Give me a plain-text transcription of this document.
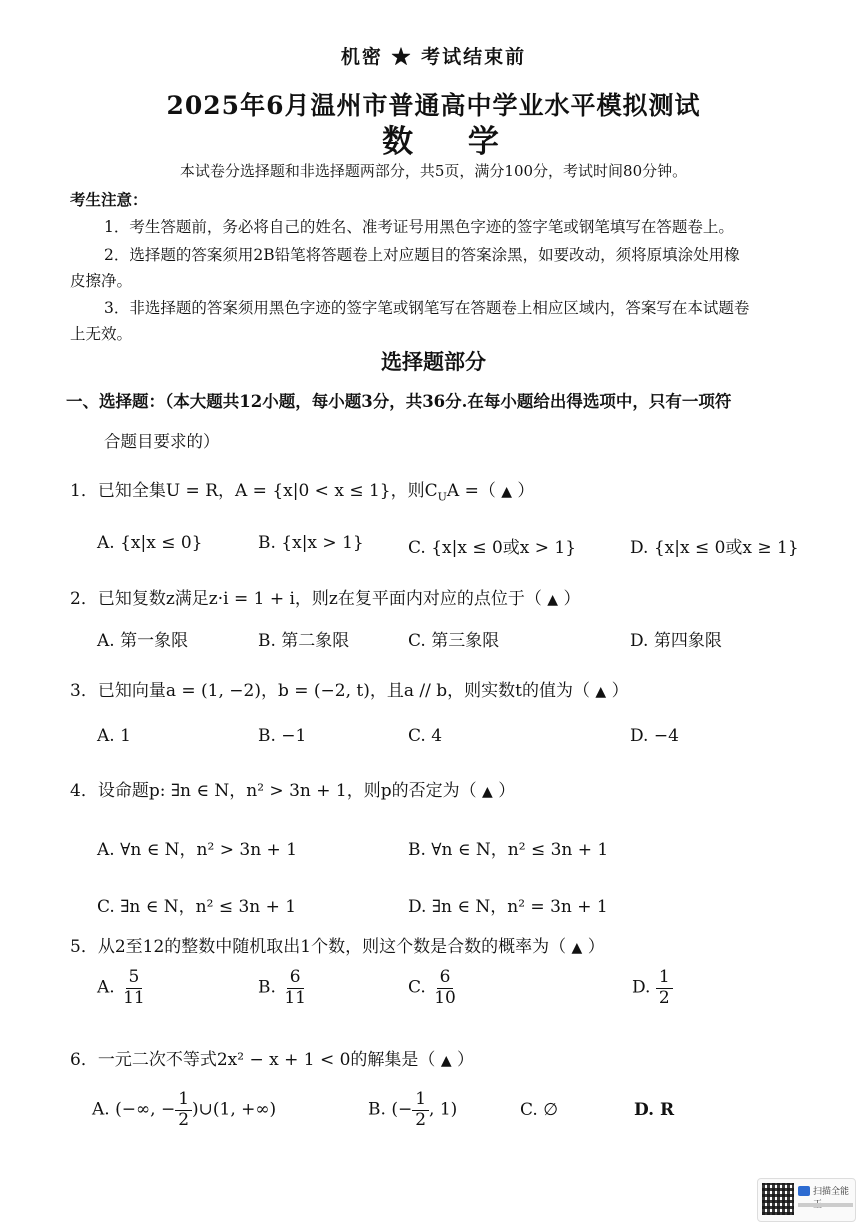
机密 ★ 考试结束前
2025年6月温州市普通高中学业水平模拟测试
数 学
本试卷分选择题和非选择题两部分，共5页，满分100分，考试时间80分钟。
考生注意：
1．考生答题前，务必将自己的姓名、准考证号用黑色字迹的签字笔或钢笔填写在答题卷上。
2．选择题的答案须用2B铅笔将答题卷上对应题目的答案涂黑，如要改动，须将原填涂处用橡
皮擦净。
3．非选择题的答案须用黑色字迹的签字笔或钢笔写在答题卷上相应区域内，答案写在本试题卷
上无效。
选择题部分
一、选择题：（本大题共12小题，每小题3分，共36分.在每小题给出得选项中，只有一项符
合题目要求的）
1．已知全集U = R，A = {x|0 < x ≤ 1}，则$C_UA$ =（ ▲ ）
A. {x|x ≤ 0}	B. {x|x > 1}	C. {x|x ≤ 0或x > 1}	D. {x|x ≤ 0或x ≥ 1}
2．已知复数z满足z·i = 1 + i，则z在复平面内对应的点位于（ ▲ ）
A. 第一象限	B. 第二象限	C. 第三象限	D. 第四象限
3．已知向量a = (1, −2)，b = (−2, t)，且a // b，则实数t的值为（ ▲ ）
A. 1	B. −1	C. 4	D. −4
4．设命题p: ∃n ∈ N，n² > 3n + 1，则p的否定为（ ▲ ）
A. ∀n ∈ N，n² > 3n + 1	B. ∀n ∈ N，n² ≤ 3n + 1
C. ∃n ∈ N，n² ≤ 3n + 1	D. ∃n ∈ N，n² = 3n + 1
5．从2至12的整数中随机取出1个数，则这个数是合数的概率为（ ▲ ）
A. $\frac{5}{11}$	B. $\frac{6}{11}$	C. $\frac{6}{10}$	D. $\frac{1}{2}$
6．一元二次不等式2x² − x + 1 < 0的解集是（ ▲ ）
A. (−∞, − $\frac{1}{2}$ )∪(1, +∞)	B. (− $\frac{1}{2}$ , 1)	C. ∅	D. R
扫描全能
